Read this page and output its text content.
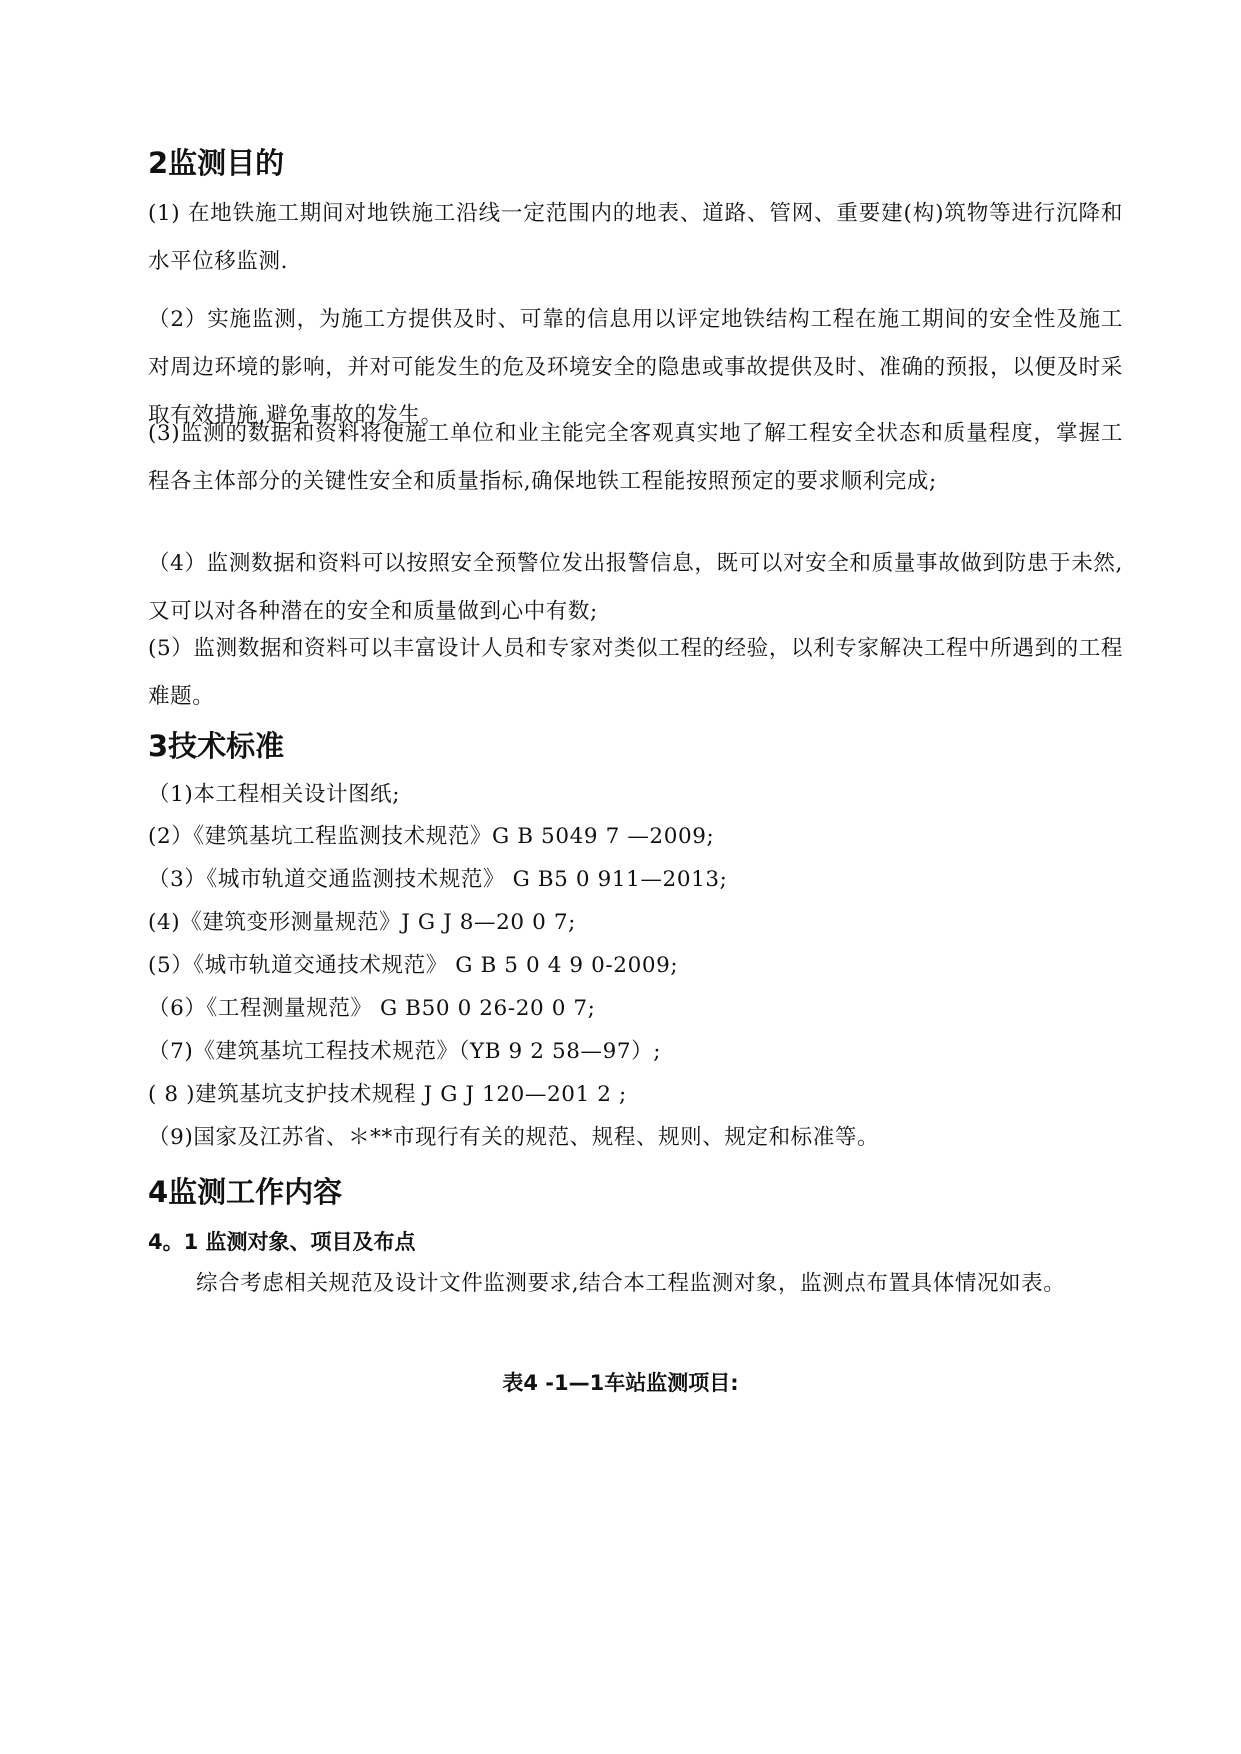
2监测目的

(1) 在地铁施工期间对地铁施工沿线一定范围内的地表、道路、管网、重要建(构)筑物等进行沉降和水平位移监测.

（2）实施监测，为施工方提供及时、可靠的信息用以评定地铁结构工程在施工期间的安全性及施工对周边环境的影响，并对可能发生的危及环境安全的隐患或事故提供及时、准确的预报，以便及时采取有效措施,避免事故的发生。

(3)监测的数据和资料将使施工单位和业主能完全客观真实地了解工程安全状态和质量程度，掌握工程各主体部分的关键性安全和质量指标,确保地铁工程能按照预定的要求顺利完成;

（4）监测数据和资料可以按照安全预警位发出报警信息，既可以对安全和质量事故做到防患于未然,又可以对各种潜在的安全和质量做到心中有数;

(5）监测数据和资料可以丰富设计人员和专家对类似工程的经验，以利专家解决工程中所遇到的工程难题。

3技术标准

（1)本工程相关设计图纸;

(2）《建筑基坑工程监测技术规范》G B 5049 7 —2009;

（3）《城市轨道交通监测技术规范》 G B5 0 911—2013;

(4)《建筑变形测量规范》J G J 8—20 0 7;

(5）《城市轨道交通技术规范》 G B 5 0 4 9 0-2009;

（6）《工程测量规范》 G B50 0 26-20 0 7;

（7)《建筑基坑工程技术规范》（YB 9 2 58—97）;

( 8 )建筑基坑支护技术规程 J G J 120—201 2 ;

（9)国家及江苏省、＊**市现行有关的规范、规程、规则、规定和标准等。

4监测工作内容
4。1 监测对象、项目及布点

综合考虑相关规范及设计文件监测要求,结合本工程监测对象，监测点布置具体情况如表。

表4 -1—1车站监测项目:
